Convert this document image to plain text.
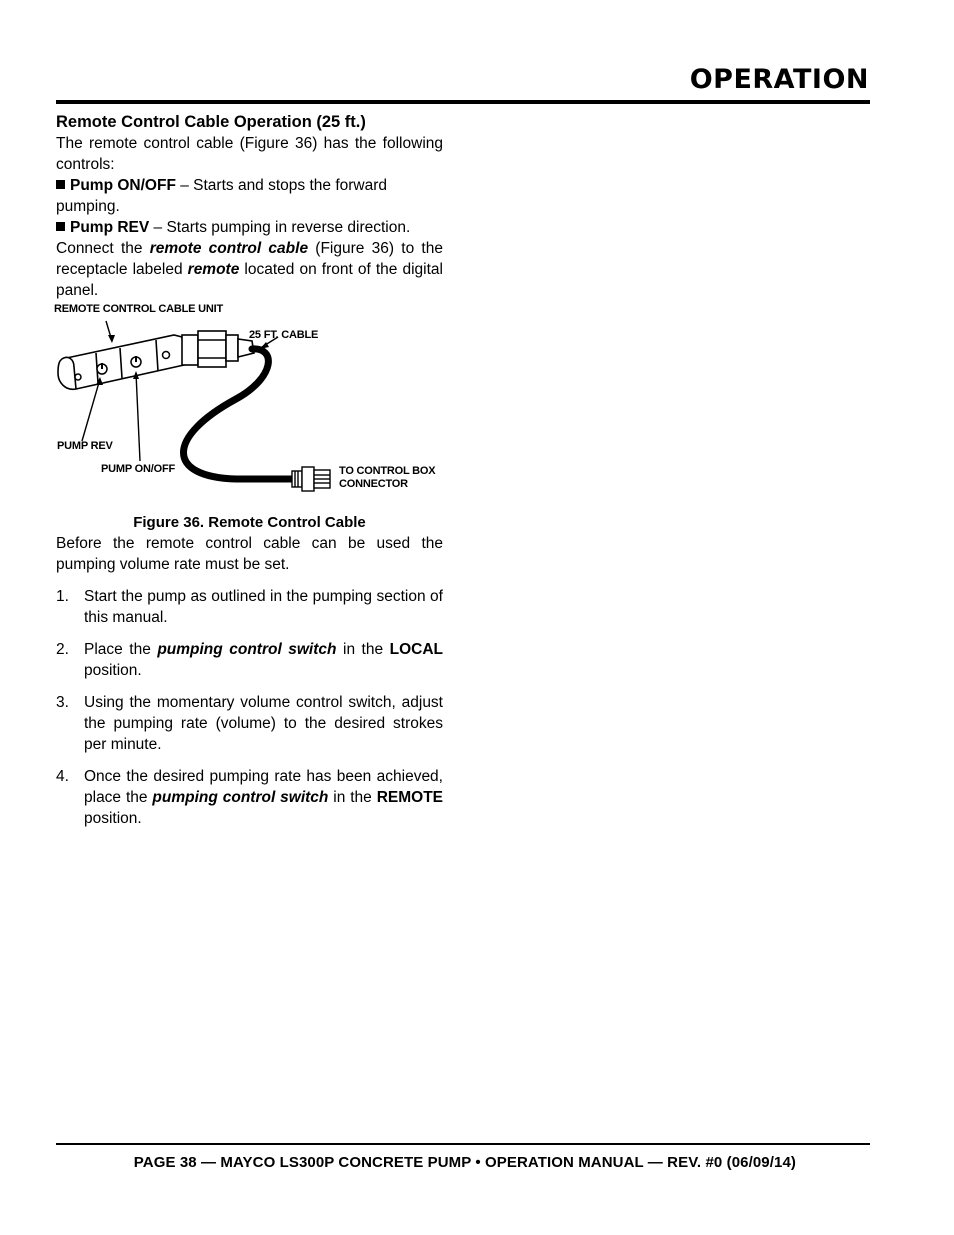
OPERATION

Remote Control Cable Operation (25 ft.)

The remote control cable (Figure 36) has the following controls:

Pump ON/OFF – Starts and stops the forward pumping.

Pump REV – Starts pumping in reverse direction.

Connect the remote control cable (Figure 36) to the receptacle labeled remote located on front of the digital panel.

REMOTE CONTROL CABLE UNIT
25 FT. CABLE
PUMP REV
PUMP ON/OFF	TO CONTROL BOX
CONNECTOR

Figure 36. Remote Control Cable

Before the remote control cable can be used the pumping volume rate must be set.

1. Start the pump as outlined in the pumping section of this manual.
2. Place the pumping control switch in the LOCAL position.
3. Using the momentary volume control switch, adjust the pumping rate (volume) to the desired strokes per minute.
4. Once the desired pumping rate has been achieved, place the pumping control switch in the REMOTE position.
PAGE 38 — MAYCO LS300P CONCRETE PUMP • OPERATION MANUAL — REV. #0 (06/09/14)
